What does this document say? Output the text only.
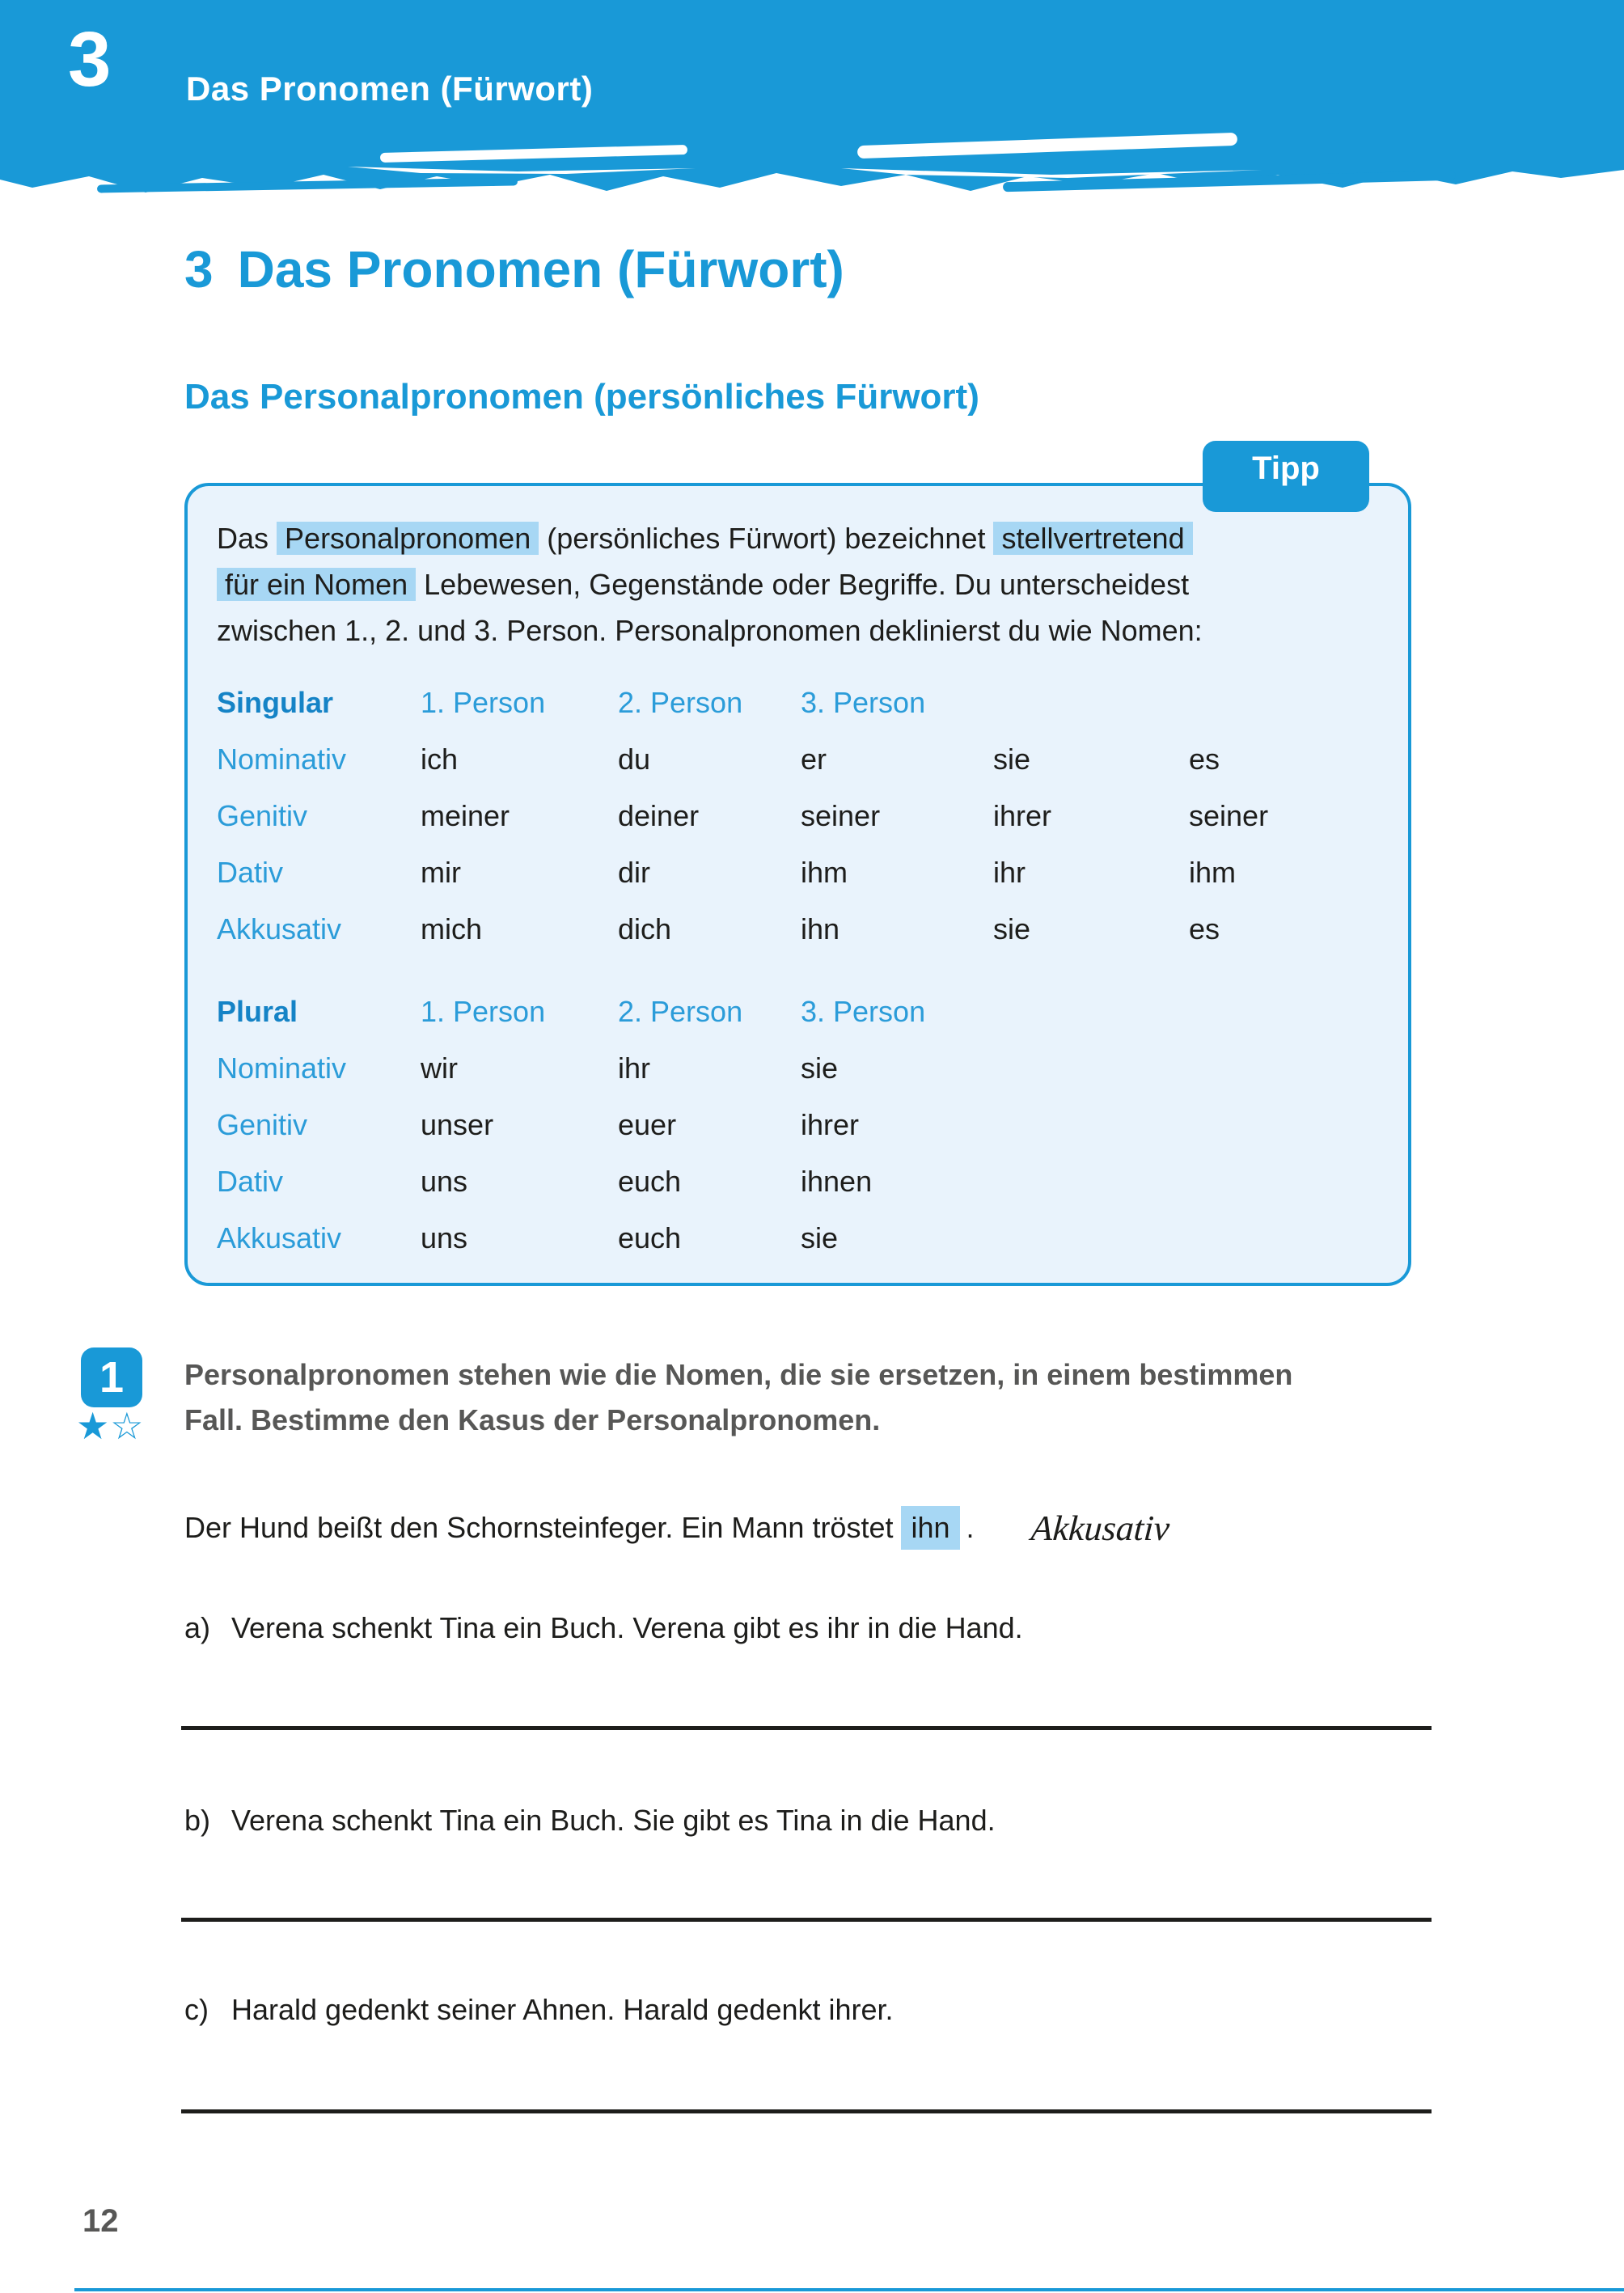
3 Das Pronomen (Fürwort)
3 Das Pronomen (Fürwort)
Das Personalpronomen (persönliches Fürwort)
Tipp
Das Personalpronomen (persönliches Fürwort) bezeichnet stellvertretend
für ein Nomen Lebewesen, Gegenstände oder Begriffe. Du unterscheidest
zwischen 1., 2. und 3. Person. Personalpronomen deklinierst du wie Nomen:
Singular	1. Person	2. Person	3. Person
Nominativ	ich	du	er	sie	es
Genitiv	meiner	deiner	seiner	ihrer	seiner
Dativ	mir	dir	ihm	ihr	ihm
Akkusativ	mich	dich	ihn	sie	es
Plural	1. Person	2. Person	3. Person
Nominativ	wir	ihr	sie
Genitiv	unser	euer	ihrer
Dativ	uns	euch	ihnen
Akkusativ	uns	euch	sie
1
★☆
Personalpronomen stehen wie die Nomen, die sie ersetzen, in einem bestimmen
Fall. Bestimme den Kasus der Personalpronomen.
Der Hund beißt den Schornsteinfeger. Ein Mann tröstet ihn . Akkusativ
a) Verena schenkt Tina ein Buch. Verena gibt es ihr in die Hand.
b) Verena schenkt Tina ein Buch. Sie gibt es Tina in die Hand.
c) Harald gedenkt seiner Ahnen. Harald gedenkt ihrer.
12
